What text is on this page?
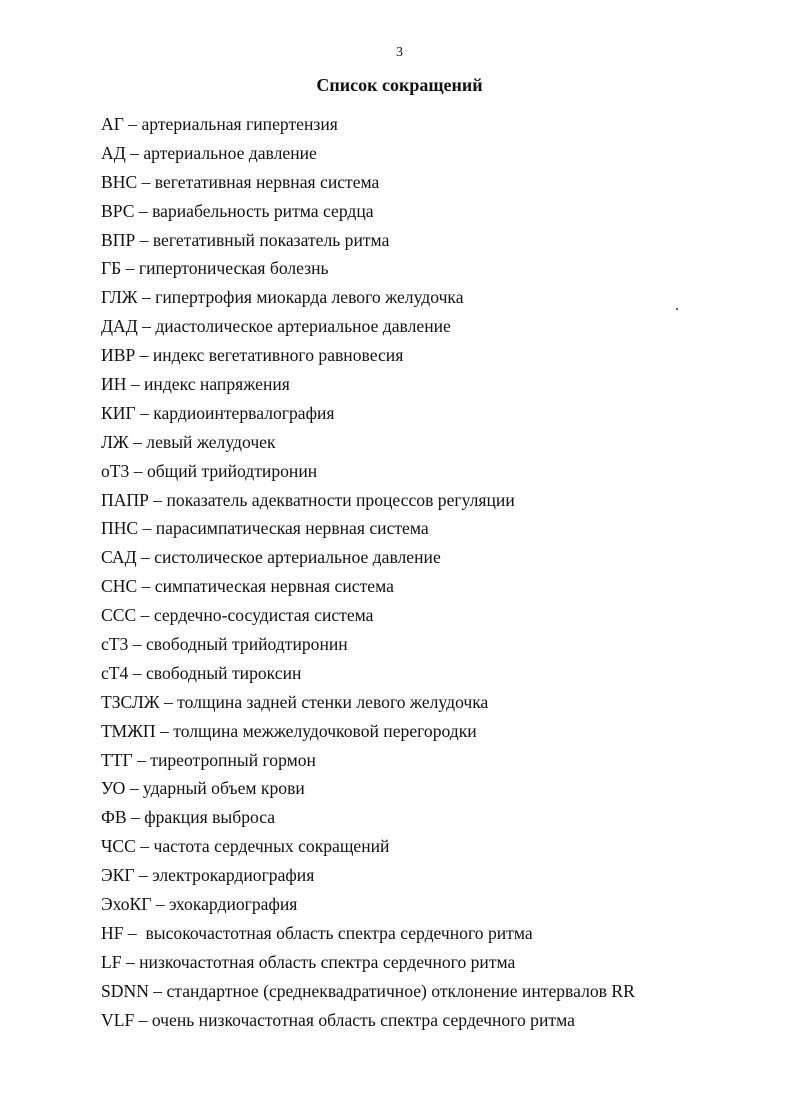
3
Список сокращений
АГ – артериальная гипертензия
АД – артериальное давление
ВНС – вегетативная нервная система
ВРС – вариабельность ритма сердца
ВПР – вегетативный показатель ритма
ГБ – гипертоническая болезнь
ГЛЖ – гипертрофия миокарда левого желудочка
ДАД – диастолическое артериальное давление
ИВР – индекс вегетативного равновесия
ИН – индекс напряжения
КИГ – кардиоинтервалография
ЛЖ – левый желудочек
оТ3 – общий трийодтиронин
ПАПР – показатель адекватности процессов регуляции
ПНС – парасимпатическая нервная система
САД – систолическое артериальное давление
СНС – симпатическая нервная система
ССС – сердечно-сосудистая система
сТ3 – свободный трийодтиронин
сТ4 – свободный тироксин
ТЗСЛЖ – толщина задней стенки левого желудочка
ТМЖП – толщина межжелудочковой перегородки
ТТГ – тиреотропный гормон
УО – ударный объем крови
ФВ – фракция выброса
ЧСС – частота сердечных сокращений
ЭКГ – электрокардиография
ЭхоКГ – эхокардиография
HF –  высокочастотная область спектра сердечного ритма
LF – низкочастотная область спектра сердечного ритма
SDNN – стандартное (среднеквадратичное) отклонение интервалов RR
VLF – очень низкочастотная область спектра сердечного ритма
